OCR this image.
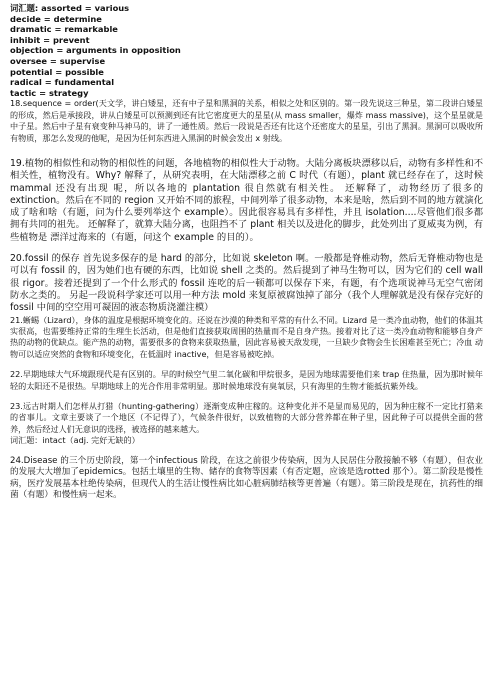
词汇题: assorted = various
decide = determine
dramatic = remarkable
inhibit = prevent
objection = arguments in opposition
oversee = supervise
potential = possible
radical = fundamental
tactic = strategy
18.sequence = order(天文学，讲白矮星，还有中子星和黑洞的关系，相似之处和区别的。第一段先说这三种星，第二段讲白矮星的形成，然后是承接段，讲从白矮星可以预测到还有比它密度更大的星星(从 mass smaller，爆炸 mass massive)，这个星星就是中子星。然后中子星有衰变种马神马的，讲了一通性质。然后一段说是否还有比这个还密度大的星星，引出了黑洞。黑洞可以吸收所有物质，那怎么发现的他呢，是因为任何东西进入黑洞的时候会发出 x 射线。
19.植物的相似性和动物的相似性的问题，各地植物的相似性大于动物。大陆分离板块漂移以后，动物有多样性和不相关性，植物没有。Why? 解释了，从研究表明，在大陆漂移之前 C 时代（有题），plant 就已经存在了，这时候 mammal 还没有出现 呢，所以各地的 plantation 很自然就有相关性。 还解释了，动物经历了很多的 extinction。然后在不同的 region 又开始不同的旅程，中间列举了很多动物，本来是啥，然后到不同的地方就演化成了啥和啥（有题，问为什么要列举这个 example）。因此很容易具有多样性，并且 isolation....尽管他们很多都拥有共同的祖先。 还解释了，就算大陆分离，也阻挡不了 plant 相关以及进化的脚步，此处列出了夏威夷为例，有些植物是 漂洋过海来的（有题，问这个 example 的目的）。
20.fossil 的保存 首先说多保存的是 hard 的部分，比如说 skeleton 啊。一般都是脊椎动物，然后无脊椎动物也是可以有 fossil 的，因为她们也有硬的东西，比如说 shell 之类的。然后提到了神马生物可以，因为它们的 cell wall 很 rigor。接着还提到了一个什么形式的 fossil 连吃的后一顿都可以保存下来，有题，有个选项说神马无空气密闭 防水之类的。 另起一段说科学家还可以用一种方法 mold 来复原被腐蚀掉了部分（我个人理解就是没有保存完好的 fossil 中间的空空用可凝固的液态物质浇灌注模）
21.蜥蜴（Lizard），身体的温度是根据环境变化的。还说在沙漠的种类和平常的有什么不同。Lizard 是一类冷血动物，他们的体温其实很高，也需要维持正常的生理生长活动，但是他们直接获取周围的热量而不是自身产热。接着对比了这一类冷血动物和能够自身产热的动物的优缺点。能产热的动物，需要很多的食物来获取热量，因此容易被天敌发现，一旦缺少食物会生长困难甚至死亡；冷血 动物可以适应突然的食物和环境变化，在低温时 inactive，但是容易被吃掉。
22.早期地球大气环境跟现代是有区别的。早的时候空气里二氧化碳和甲烷很多，是因为地球需要他们来 trap 住热量，因为那时候年轻的太阳还不是很热。早期地球上的光合作用非常明显。那时候地球没有臭氧层，只有海里的生物才能抵抗紫外线。
23.远古时期人们怎样从打猎（hunting-gathering）逐渐变成种庄稼的。这种变化并不是显而易见的，因为种庄稼不一定比打猎来的省事儿。文章主要谈了一个地区（不记得了），气候条件很好，以致植物的大部分营养都在种子里，因此种子可以提供全面的营养，然后经过人们无意识的选择，被选择的越来越大。
词汇题：intact（adj. 完好无缺的）
24.Disease 的三个历史阶段，第一个infectious 阶段，在这之前很少传染病，因为人民居住分散接触不够（有题），但农业的发展大大增加了epidemics。包括土壤里的生物、储存的食物等因素（有否定题，应该是选rotted 那个）。第二阶段是慢性病，医疗发展基本杜绝传染病，但现代人的生活让慢性病比如心脏病肺结核等更普遍（有题）。第三阶段是现在，抗药性的细菌（有题）和慢性病一起来。
